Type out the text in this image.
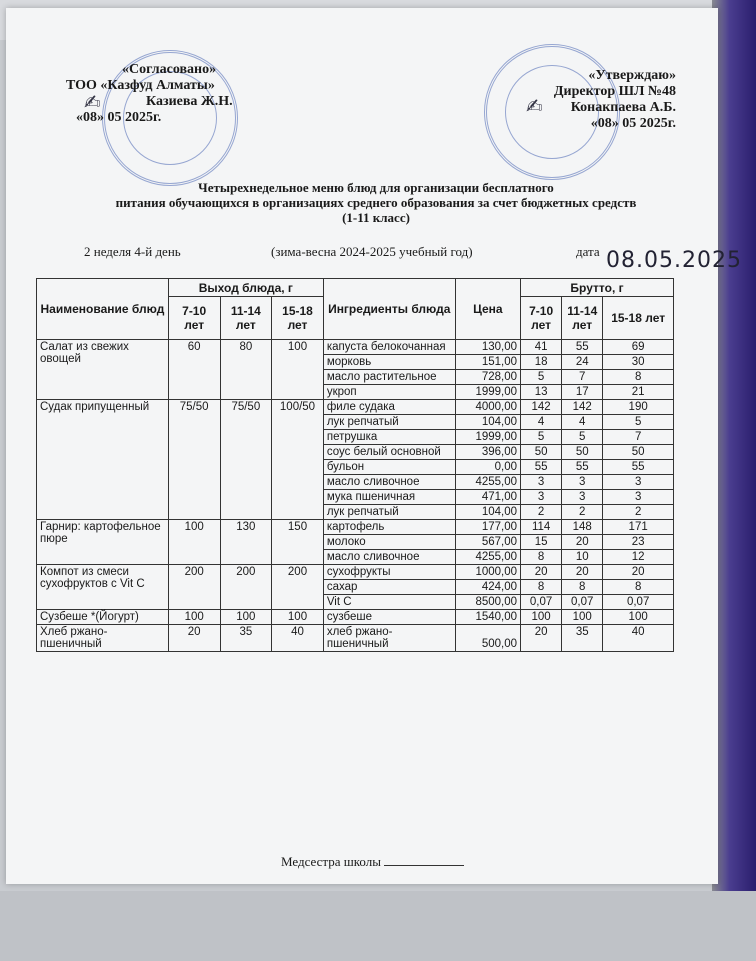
«Согласовано»
ТОО «Казфуд Алматы»
Казиева Ж.Н.
«08» 05 2025г.
✍
«Утверждаю»
Директор ШЛ №48
Конакпаева А.Б.
«08» 05 2025г.
✍
Четырехнедельное меню блюд для организации бесплатного
питания обучающихся в организациях среднего образования за счет бюджетных средств
(1-11 класс)
2 неделя 4-й день	(зима-весна 2024-2025 учебный год)	дата 08.05.2025
Наименование блюд	Выход блюда, г			Ингредиенты блюда	Цена	Брутто, г		
	7-10 лет	11-14 лет	15-18 лет			7-10 лет	11-14 лет	15-18 лет
Салат из свежих овощей	60	80	100	капуста белокочанная	130,00	41	55	69
				морковь	151,00	18	24	30
				масло растительное	728,00	5	7	8
				укроп	1999,00	13	17	21
Судак припущенный	75/50	75/50	100/50	филе судака	4000,00	142	142	190
				лук репчатый	104,00	4	4	5
				петрушка	1999,00	5	5	7
				соус белый основной	396,00	50	50	50
				бульон	0,00	55	55	55
				масло сливочное	4255,00	3	3	3
				мука пшеничная	471,00	3	3	3
				лук репчатый	104,00	2	2	2
Гарнир: картофельное пюре	100	130	150	картофель	177,00	114	148	171
				молоко	567,00	15	20	23
				масло сливочное	4255,00	8	10	12
Компот из смеси сухофруктов с Vit C	200	200	200	сухофрукты	1000,00	20	20	20
				сахар	424,00	8	8	8
				Vit C	8500,00	0,07	0,07	0,07
Сузбеше *(Йогурт)	100	100	100	сузбеше	1540,00	100	100	100
Хлеб ржано-пшеничный	20	35	40	хлеб ржано-пшеничный	500,00	20	35	40
Медсестра школы
